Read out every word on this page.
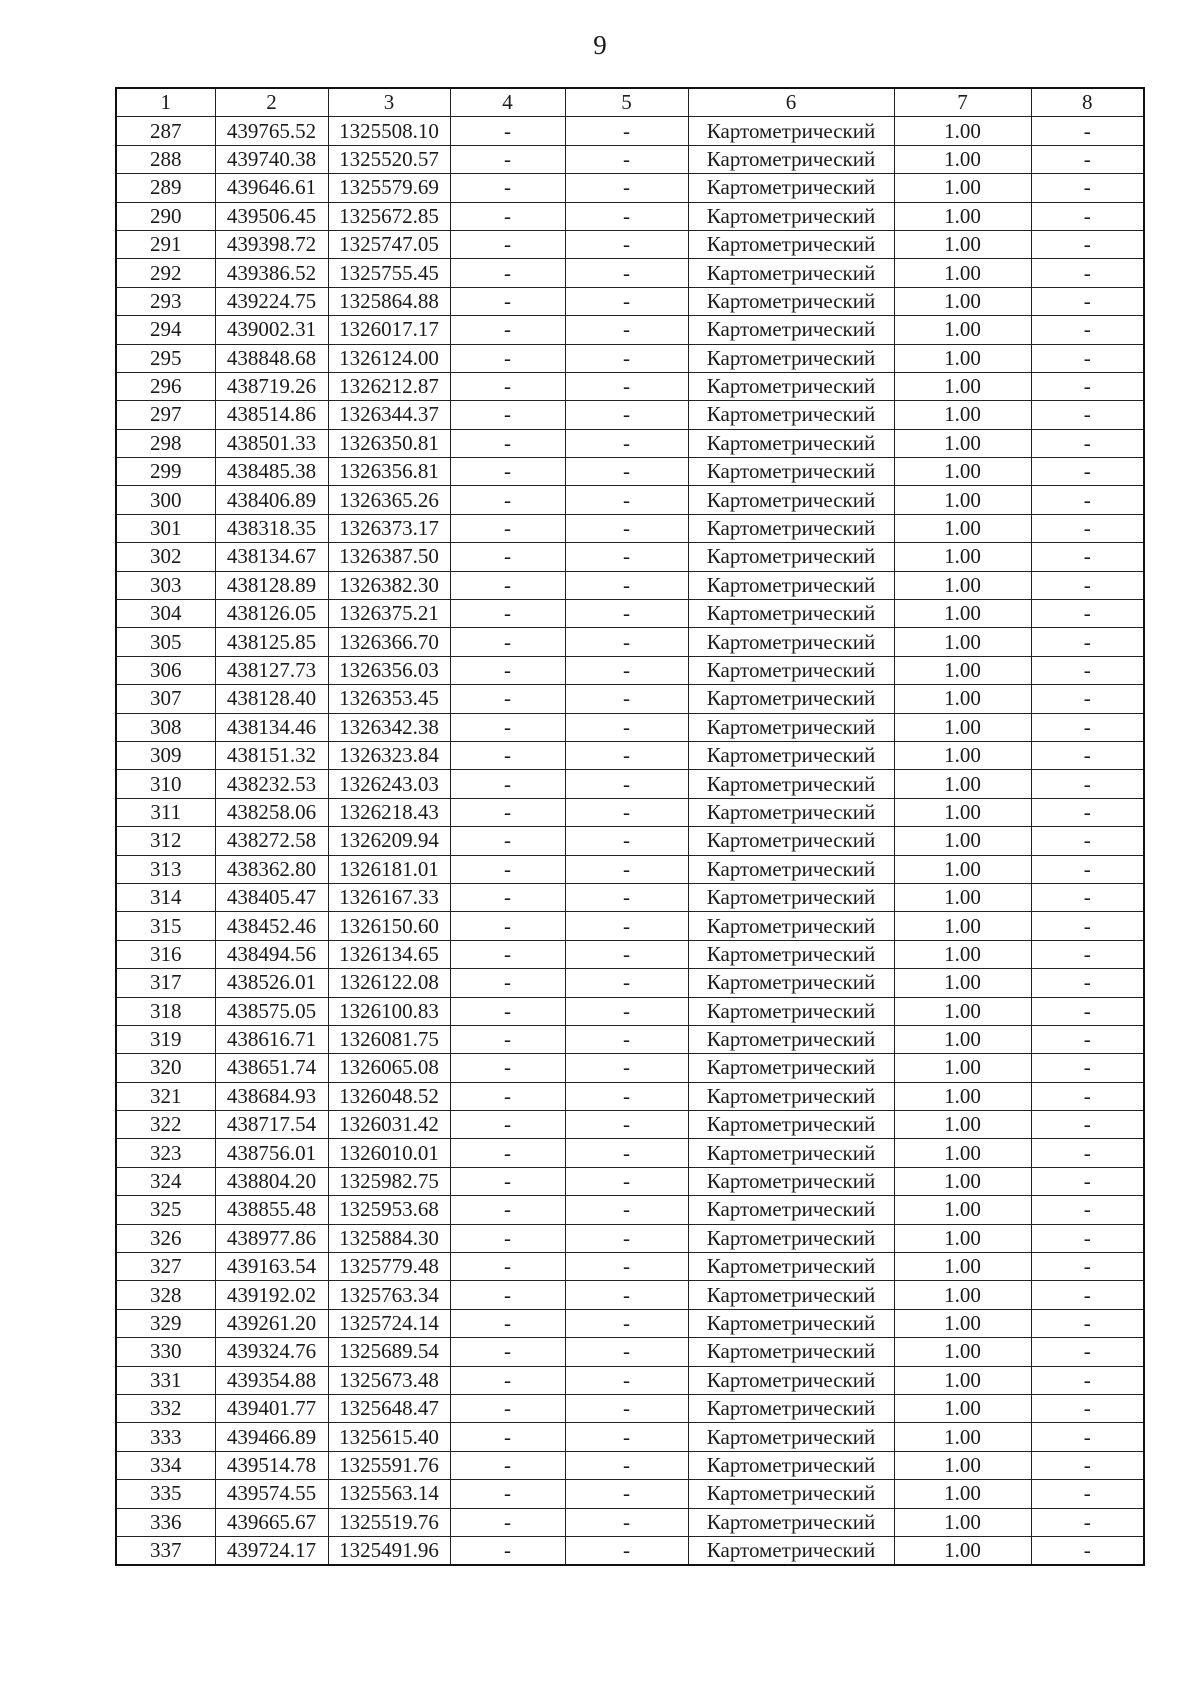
9
1	2	3	4	5	6	7	8
287	439765.52	1325508.10	-	-	Картометрический	1.00	-
288	439740.38	1325520.57	-	-	Картометрический	1.00	-
289	439646.61	1325579.69	-	-	Картометрический	1.00	-
290	439506.45	1325672.85	-	-	Картометрический	1.00	-
291	439398.72	1325747.05	-	-	Картометрический	1.00	-
292	439386.52	1325755.45	-	-	Картометрический	1.00	-
293	439224.75	1325864.88	-	-	Картометрический	1.00	-
294	439002.31	1326017.17	-	-	Картометрический	1.00	-
295	438848.68	1326124.00	-	-	Картометрический	1.00	-
296	438719.26	1326212.87	-	-	Картометрический	1.00	-
297	438514.86	1326344.37	-	-	Картометрический	1.00	-
298	438501.33	1326350.81	-	-	Картометрический	1.00	-
299	438485.38	1326356.81	-	-	Картометрический	1.00	-
300	438406.89	1326365.26	-	-	Картометрический	1.00	-
301	438318.35	1326373.17	-	-	Картометрический	1.00	-
302	438134.67	1326387.50	-	-	Картометрический	1.00	-
303	438128.89	1326382.30	-	-	Картометрический	1.00	-
304	438126.05	1326375.21	-	-	Картометрический	1.00	-
305	438125.85	1326366.70	-	-	Картометрический	1.00	-
306	438127.73	1326356.03	-	-	Картометрический	1.00	-
307	438128.40	1326353.45	-	-	Картометрический	1.00	-
308	438134.46	1326342.38	-	-	Картометрический	1.00	-
309	438151.32	1326323.84	-	-	Картометрический	1.00	-
310	438232.53	1326243.03	-	-	Картометрический	1.00	-
311	438258.06	1326218.43	-	-	Картометрический	1.00	-
312	438272.58	1326209.94	-	-	Картометрический	1.00	-
313	438362.80	1326181.01	-	-	Картометрический	1.00	-
314	438405.47	1326167.33	-	-	Картометрический	1.00	-
315	438452.46	1326150.60	-	-	Картометрический	1.00	-
316	438494.56	1326134.65	-	-	Картометрический	1.00	-
317	438526.01	1326122.08	-	-	Картометрический	1.00	-
318	438575.05	1326100.83	-	-	Картометрический	1.00	-
319	438616.71	1326081.75	-	-	Картометрический	1.00	-
320	438651.74	1326065.08	-	-	Картометрический	1.00	-
321	438684.93	1326048.52	-	-	Картометрический	1.00	-
322	438717.54	1326031.42	-	-	Картометрический	1.00	-
323	438756.01	1326010.01	-	-	Картометрический	1.00	-
324	438804.20	1325982.75	-	-	Картометрический	1.00	-
325	438855.48	1325953.68	-	-	Картометрический	1.00	-
326	438977.86	1325884.30	-	-	Картометрический	1.00	-
327	439163.54	1325779.48	-	-	Картометрический	1.00	-
328	439192.02	1325763.34	-	-	Картометрический	1.00	-
329	439261.20	1325724.14	-	-	Картометрический	1.00	-
330	439324.76	1325689.54	-	-	Картометрический	1.00	-
331	439354.88	1325673.48	-	-	Картометрический	1.00	-
332	439401.77	1325648.47	-	-	Картометрический	1.00	-
333	439466.89	1325615.40	-	-	Картометрический	1.00	-
334	439514.78	1325591.76	-	-	Картометрический	1.00	-
335	439574.55	1325563.14	-	-	Картометрический	1.00	-
336	439665.67	1325519.76	-	-	Картометрический	1.00	-
337	439724.17	1325491.96	-	-	Картометрический	1.00	-
